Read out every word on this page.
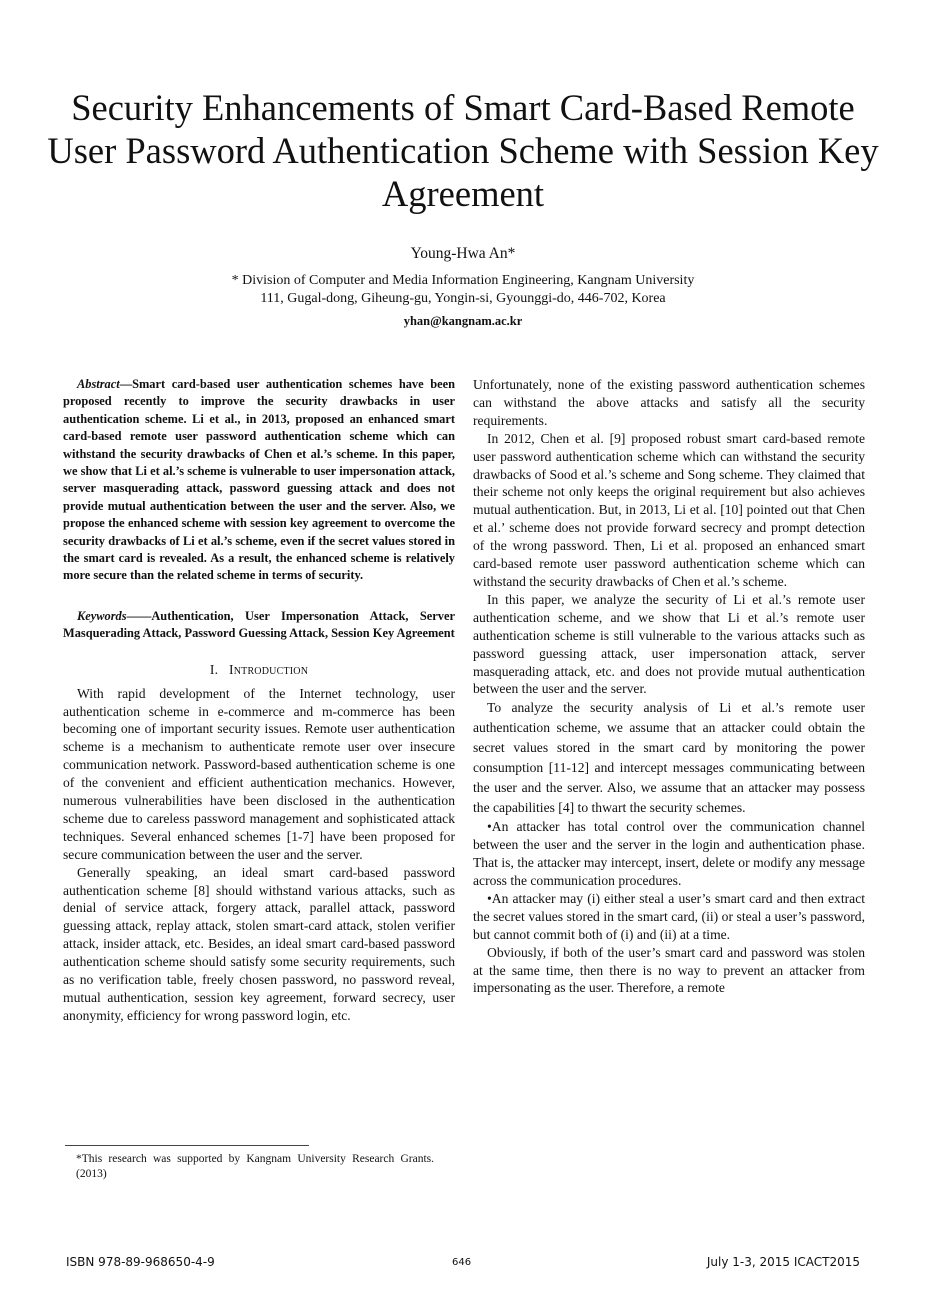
Security Enhancements of Smart Card-Based Remote User Password Authentication Scheme with Session Key Agreement
Young-Hwa An*
* Division of Computer and Media Information Engineering, Kangnam University
111, Gugal-dong, Giheung-gu, Yongin-si, Gyounggi-do, 446-702, Korea
yhan@kangnam.ac.kr

Abstract—Smart card-based user authentication schemes have been proposed recently to improve the security drawbacks in user authentication scheme. Li et al., in 2013, proposed an enhanced smart card-based remote user password authentication scheme which can withstand the security drawbacks of Chen et al.’s scheme. In this paper, we show that Li et al.’s scheme is vulnerable to user impersonation attack, server masquerading attack, password guessing attack and does not provide mutual authentication between the user and the server. Also, we propose the enhanced scheme with session key agreement to overcome the security drawbacks of Li et al.’s scheme, even if the secret values stored in the smart card is revealed. As a result, the enhanced scheme is relatively more secure than the related scheme in terms of security.

Keywords——Authentication, User Impersonation Attack, Server Masquerading Attack, Password Guessing Attack, Session Key Agreement

I. Introduction

With rapid development of the Internet technology, user authentication scheme in e-commerce and m-commerce has been becoming one of important security issues. Remote user authentication scheme is a mechanism to authenticate remote user over insecure communication network. Password-based authentication scheme is one of the convenient and efficient authentication mechanics. However, numerous vulnerabilities have been disclosed in the authentication scheme due to careless password management and sophisticated attack techniques. Several enhanced schemes [1-7] have been proposed for secure communication between the user and the server.

Generally speaking, an ideal smart card-based password authentication scheme [8] should withstand various attacks, such as denial of service attack, forgery attack, parallel attack, password guessing attack, replay attack, stolen smart-card attack, stolen verifier attack, insider attack, etc. Besides, an ideal smart card-based password authentication scheme should satisfy some security requirements, such as no verification table, freely chosen password, no password reveal, mutual authentication, session key agreement, forward secrecy, user anonymity, efficiency for wrong password login, etc.

Unfortunately, none of the existing password authentication schemes can withstand the above attacks and satisfy all the security requirements.

In 2012, Chen et al. [9] proposed robust smart card-based remote user password authentication scheme which can withstand the security drawbacks of Sood et al.’s scheme and Song scheme. They claimed that their scheme not only keeps the original requirement but also achieves mutual authentication. But, in 2013, Li et al. [10] pointed out that Chen et al.’ scheme does not provide forward secrecy and prompt detection of the wrong password. Then, Li et al. proposed an enhanced smart card-based remote user password authentication scheme which can withstand the security drawbacks of Chen et al.’s scheme.

In this paper, we analyze the security of Li et al.’s remote user authentication scheme, and we show that Li et al.’s remote user authentication scheme is still vulnerable to the various attacks such as password guessing attack, user impersonation attack, server masquerading attack, etc. and does not provide mutual authentication between the user and the server.

To analyze the security analysis of Li et al.’s remote user authentication scheme, we assume that an attacker could obtain the secret values stored in the smart card by monitoring the power consumption [11-12] and intercept messages communicating between the user and the server. Also, we assume that an attacker may possess the capabilities [4] to thwart the security schemes.

•An attacker has total control over the communication channel between the user and the server in the login and authentication phase. That is, the attacker may intercept, insert, delete or modify any message across the communication procedures.

•An attacker may (i) either steal a user’s smart card and then extract the secret values stored in the smart card, (ii) or steal a user’s password, but cannot commit both of (i) and (ii) at a time.

Obviously, if both of the user’s smart card and password was stolen at the same time, then there is no way to prevent an attacker from impersonating as the user. Therefore, a remote

*This research was supported by Kangnam University Research Grants.(2013)
ISBN 978-89-968650-4-9	646	July 1-3, 2015 ICACT2015
